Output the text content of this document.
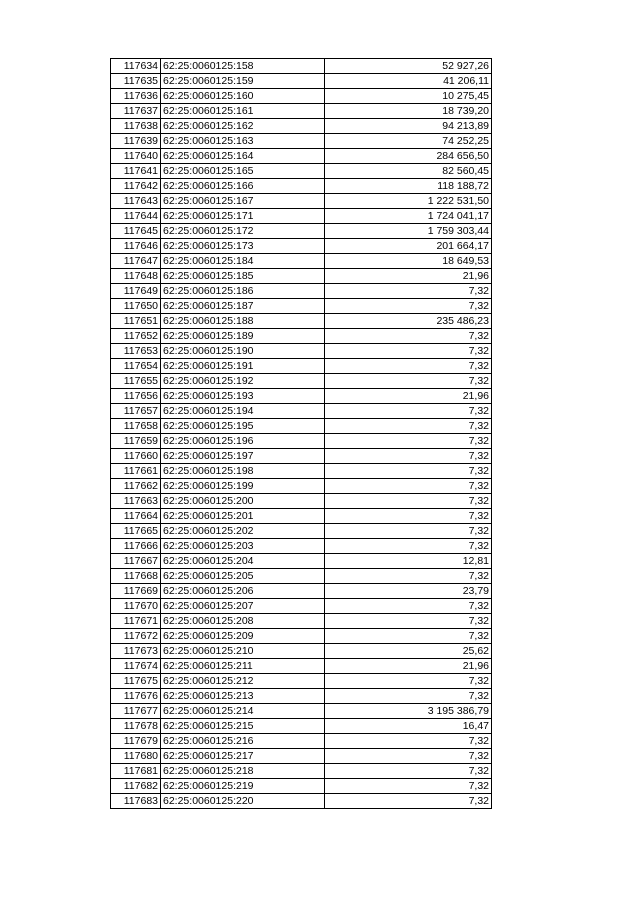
117634	62:25:0060125:158	52 927,26
117635	62:25:0060125:159	41 206,11
117636	62:25:0060125:160	10 275,45
117637	62:25:0060125:161	18 739,20
117638	62:25:0060125:162	94 213,89
117639	62:25:0060125:163	74 252,25
117640	62:25:0060125:164	284 656,50
117641	62:25:0060125:165	82 560,45
117642	62:25:0060125:166	118 188,72
117643	62:25:0060125:167	1 222 531,50
117644	62:25:0060125:171	1 724 041,17
117645	62:25:0060125:172	1 759 303,44
117646	62:25:0060125:173	201 664,17
117647	62:25:0060125:184	18 649,53
117648	62:25:0060125:185	21,96
117649	62:25:0060125:186	7,32
117650	62:25:0060125:187	7,32
117651	62:25:0060125:188	235 486,23
117652	62:25:0060125:189	7,32
117653	62:25:0060125:190	7,32
117654	62:25:0060125:191	7,32
117655	62:25:0060125:192	7,32
117656	62:25:0060125:193	21,96
117657	62:25:0060125:194	7,32
117658	62:25:0060125:195	7,32
117659	62:25:0060125:196	7,32
117660	62:25:0060125:197	7,32
117661	62:25:0060125:198	7,32
117662	62:25:0060125:199	7,32
117663	62:25:0060125:200	7,32
117664	62:25:0060125:201	7,32
117665	62:25:0060125:202	7,32
117666	62:25:0060125:203	7,32
117667	62:25:0060125:204	12,81
117668	62:25:0060125:205	7,32
117669	62:25:0060125:206	23,79
117670	62:25:0060125:207	7,32
117671	62:25:0060125:208	7,32
117672	62:25:0060125:209	7,32
117673	62:25:0060125:210	25,62
117674	62:25:0060125:211	21,96
117675	62:25:0060125:212	7,32
117676	62:25:0060125:213	7,32
117677	62:25:0060125:214	3 195 386,79
117678	62:25:0060125:215	16,47
117679	62:25:0060125:216	7,32
117680	62:25:0060125:217	7,32
117681	62:25:0060125:218	7,32
117682	62:25:0060125:219	7,32
117683	62:25:0060125:220	7,32
